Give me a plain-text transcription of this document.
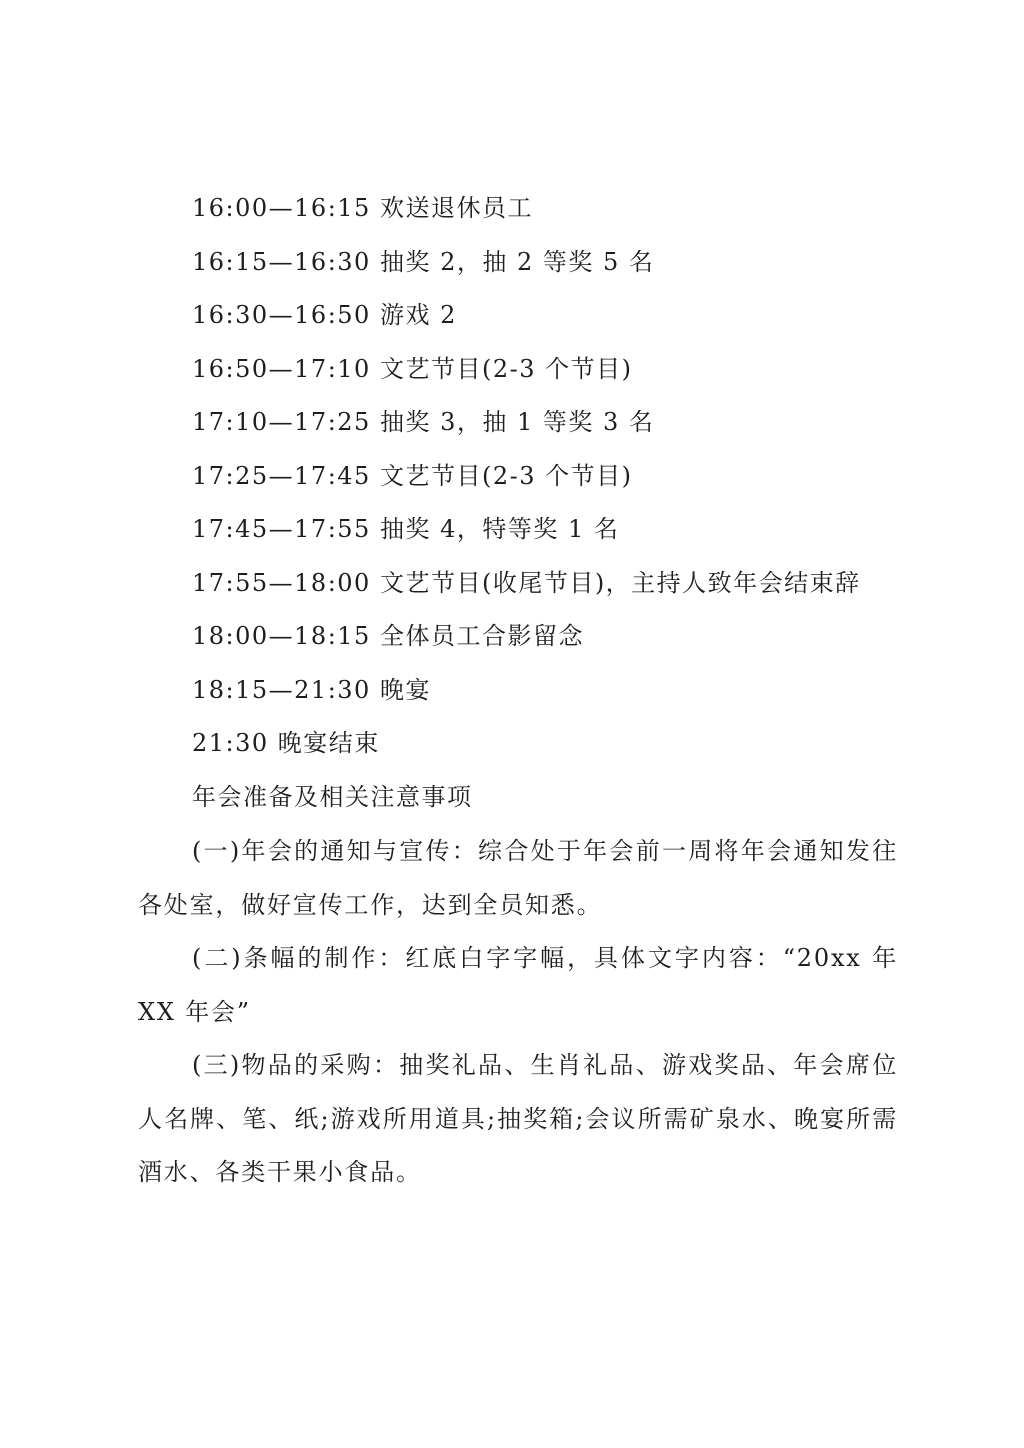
16:00—16:15 欢送退休员工
16:15—16:30 抽奖 2，抽 2 等奖 5 名
16:30—16:50 游戏 2
16:50—17:10 文艺节目(2-3 个节目)
17:10—17:25 抽奖 3，抽 1 等奖 3 名
17:25—17:45 文艺节目(2-3 个节目)
17:45—17:55 抽奖 4，特等奖 1 名
17:55—18:00 文艺节目(收尾节目)，主持人致年会结束辞
18:00—18:15 全体员工合影留念
18:15—21:30 晚宴
21:30 晚宴结束
年会准备及相关注意事项

(一)年会的通知与宣传：综合处于年会前一周将年会通知发往各处室，做好宣传工作，达到全员知悉。

(二)条幅的制作：红底白字字幅，具体文字内容：“20xx 年 XX 年会”

(三)物品的采购：抽奖礼品、生肖礼品、游戏奖品、年会席位人名牌、笔、纸;游戏所用道具;抽奖箱;会议所需矿泉水、晚宴所需酒水、各类干果小食品。
